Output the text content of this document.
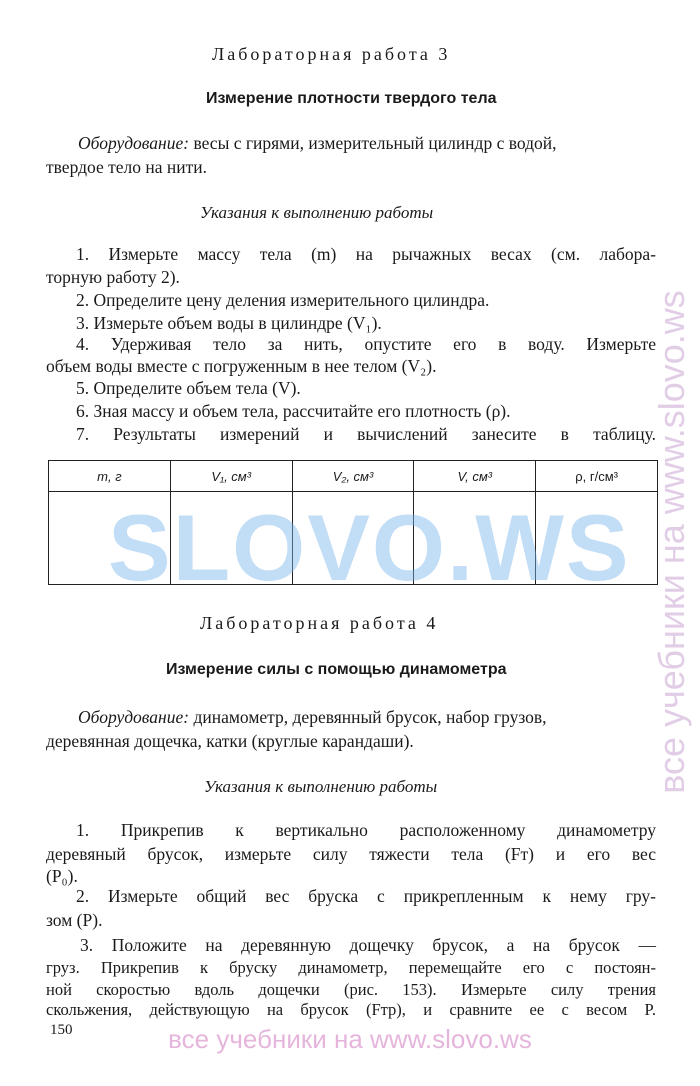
Лабораторная работа 3
Измерение плотности твердого тела
Оборудование: весы с гирями, измерительный цилиндр с водой,
твердое тело на нити.
Указания к выполнению работы
1. Измерьте массу тела (m) на рычажных весах (см. лабора-
торную работу 2).
2. Определите цену деления измерительного цилиндра.
3. Измерьте объем воды в цилиндре (V₁).
4. Удерживая тело за нить, опустите его в воду. Измерьте
объем воды вместе с погруженным в нее телом (V₂).
5. Определите объем тела (V).
6. Зная массу и объем тела, рассчитайте его плотность (ρ).
7. Результаты измерений и вычислений занесите в таблицу.
m, г	V₁, см³	V₂, см³	V, см³	ρ, г/см³

SLOVO.WS
Лабораторная работа 4
Измерение силы с помощью динамометра
Оборудование: динамометр, деревянный брусок, набор грузов,
деревянная дощечка, катки (круглые карандаши).
Указания к выполнению работы
1. Прикрепив к вертикально расположенному динамометру
деревяный брусок, измерьте силу тяжести тела (Fт) и его вес
(P₀).
2. Измерьте общий вес бруска с прикрепленным к нему гру-
зом (P).
3. Положите на деревянную дощечку брусок, а на брусок —
груз. Прикрепив к бруску динамометр, перемещайте его с постоян-
ной скоростью вдоль дощечки (рис. 153). Измерьте силу трения
скольжения, действующую на брусок (Fтр), и сравните ее с весом P.
150
все учебники на www.slovo.ws
все учебники на www.slovo.ws
